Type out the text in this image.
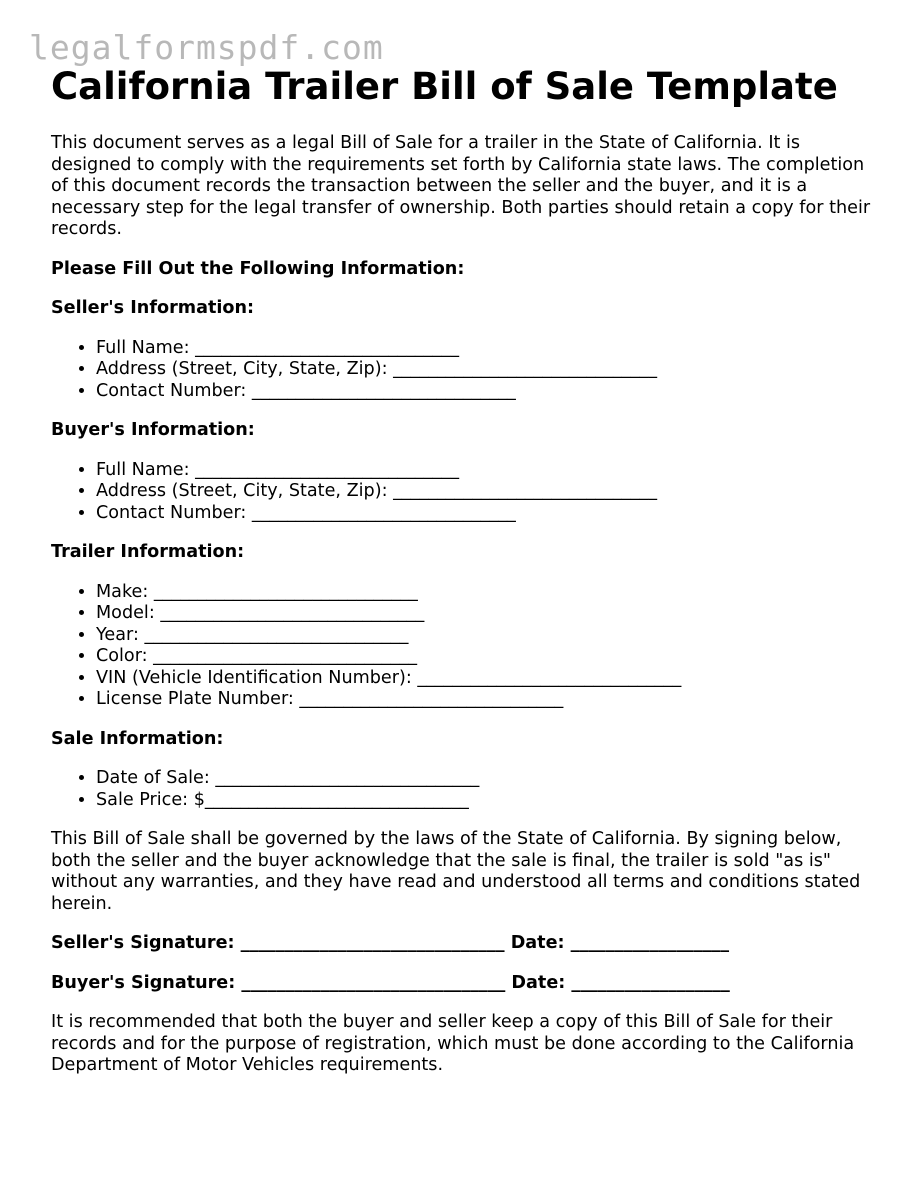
legalformspdf.com
California Trailer Bill of Sale Template

This document serves as a legal Bill of Sale for a trailer in the State of California. It is designed to comply with the requirements set forth by California state laws. The completion of this document records the transaction between the seller and the buyer, and it is a necessary step for the legal transfer of ownership. Both parties should retain a copy for their records.

Please Fill Out the Following Information:
Seller's Information:
• Full Name: ______________________________
• Address (Street, City, State, Zip): ______________________________
• Contact Number: ______________________________
Buyer's Information:
• Full Name: ______________________________
• Address (Street, City, State, Zip): ______________________________
• Contact Number: ______________________________
Trailer Information:
• Make: ______________________________
• Model: ______________________________
• Year: ______________________________
• Color: ______________________________
• VIN (Vehicle Identification Number): ______________________________
• License Plate Number: ______________________________
Sale Information:
• Date of Sale: ______________________________
• Sale Price: $______________________________

This Bill of Sale shall be governed by the laws of the State of California. By signing below, both the seller and the buyer acknowledge that the sale is final, the trailer is sold "as is" without any warranties, and they have read and understood all terms and conditions stated herein.

Seller's Signature: ______________________________ Date: __________________
Buyer's Signature: ______________________________ Date: __________________

It is recommended that both the buyer and seller keep a copy of this Bill of Sale for their records and for the purpose of registration, which must be done according to the California Department of Motor Vehicles requirements.
